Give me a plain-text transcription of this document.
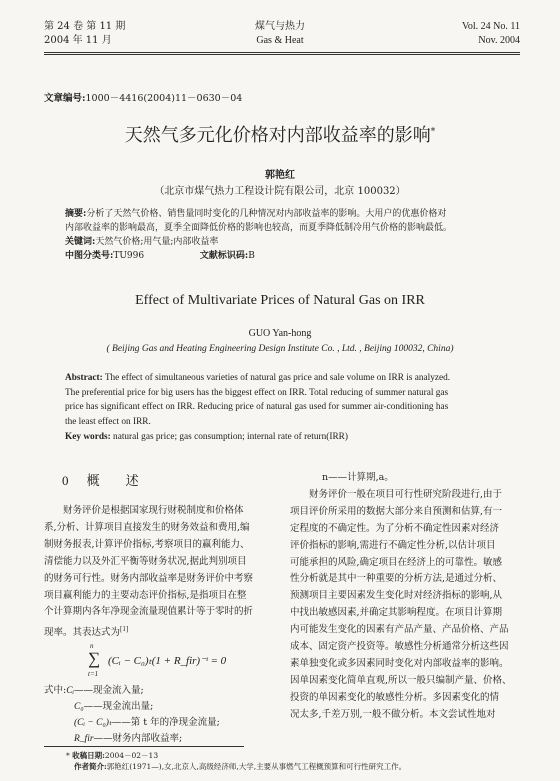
第 24 卷 第 11 期
2004 年 11 月
煤气与热力
Gas & Heat
Vol. 24 No. 11
Nov. 2004
文章编号:1000－4416(2004)11－0630－04
天然气多元化价格对内部收益率的影响*
郭艳红
（北京市煤气热力工程设计院有限公司，北京 100032）
摘要:分析了天然气价格、销售量同时变化的几种情况对内部收益率的影响。大用户的优惠价格对
内部收益率的影响最高，夏季全面降低价格的影响也较高，而夏季降低制冷用气价格的影响最低。
关键词:天然气价格;用气量;内部收益率
中图分类号:TU996	文献标识码:B
Effect of Multivariate Prices of Natural Gas on IRR
GUO Yan-hong
( Beijing Gas and Heating Engineering Design Institute Co. , Ltd. , Beijing 100032, China)
Abstract: The effect of simultaneous varieties of natural gas price and sale volume on IRR is analyzed.
The preferential price for big users has the biggest effect on IRR. Total reducing of summer natural gas
price has significant effect on IRR. Reducing price of natural gas used for summer air-conditioning has
the least effect on IRR.
Key words: natural gas price; gas consumption; internal rate of return(IRR)
0 概　　述

财务评价是根据国家现行财税制度和价格体

系,分析、计算项目直接发生的财务效益和费用,编
制财务报表,计算评价指标,考察项目的赢利能力、
清偿能力以及外汇平衡等财务状况,据此判别项目
的财务可行性。财务内部收益率是财务评价中考察
项目赢利能力的主要动态评价指标,是指项目在整
个计算期内各年净现金流量现值累计等于零时的折
现率。其表达式为[1]
n
∑
t=1
(Cᵢ − C₀)ₜ(1 + R_fir)⁻ᵗ = 0
式中:Cᵢ——现金流入量;
C₀——现金流出量;
(Cᵢ − C₀)ₜ——第 t 年的净现金流量;
R_fir——财务内部收益率;
n——计算期,a。

财务评价一般在项目可行性研究阶段进行,由于

项目评价所采用的数据大部分来自预测和估算,有一
定程度的不确定性。为了分析不确定性因素对经济
评价指标的影响,需进行不确定性分析,以估计项目
可能承担的风险,确定项目在经济上的可靠性。敏感
性分析就是其中一种重要的分析方法,是通过分析、
预测项目主要因素发生变化时对经济指标的影响,从
中找出敏感因素,并确定其影响程度。在项目计算期
内可能发生变化的因素有产品产量、产品价格、产品
成本、固定资产投资等。敏感性分析通常分析这些因
素单独变化或多因素同时变化对内部收益率的影响。
因单因素变化简单直观,所以一般只编制产量、价格、
投资的单因素变化的敏感性分析。多因素变化的情
况太多,千差万别,一般不做分析。本文尝试性地对
* 收稿日期:2004－02－13
作者简介:郭艳红(1971—),女,北京人,高级经济师,大学,主要从事燃气工程概预算和可行性研究工作。
